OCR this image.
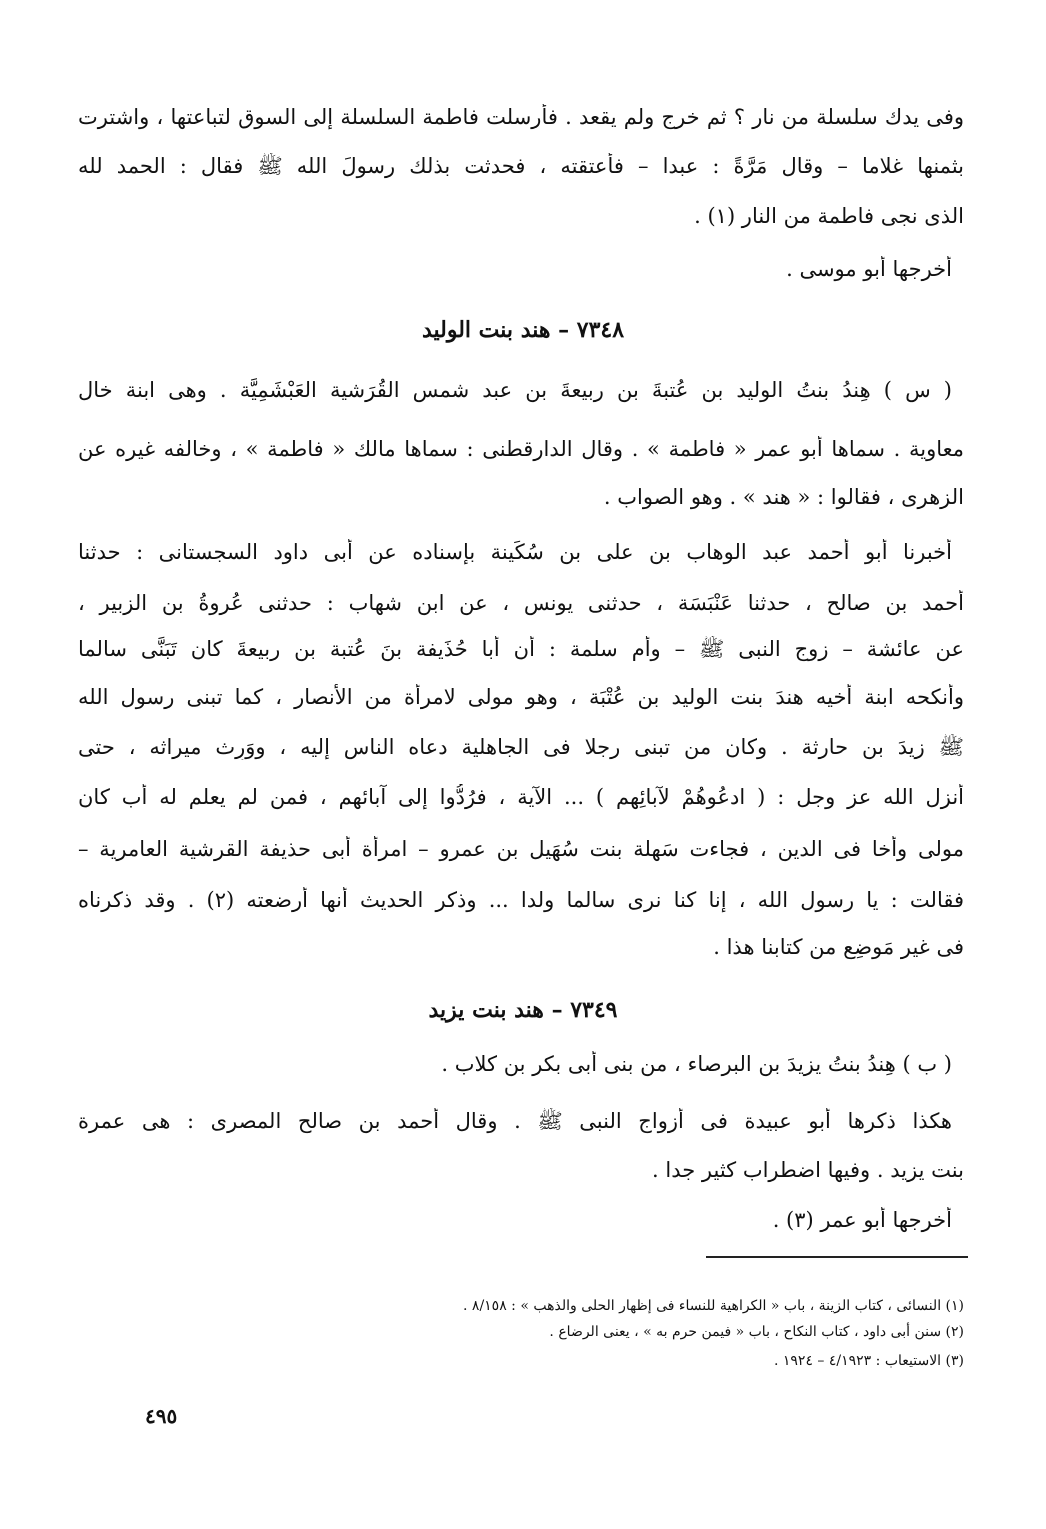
وفى يدك سلسلة من نار ؟ ثم خرج ولم يقعد . فأرسلت فاطمة السلسلة إلى السوق لتباعتها ، واشترت
بثمنها غلاما – وقال مَرَّةً : عبدا – فأعتقته ، فحدثت بذلك رسولَ الله ﷺ فقال : الحمد لله
الذى نجى فاطمة من النار (١) .
أخرجها أبو موسى .
٧٣٤٨ – هند بنت الوليد
( س ) هِندُ بنتُ الوليد بن عُتبةَ بن ربيعةَ بن عبد شمس القُرَشية العَبْشَمِيَّة . وهى ابنة خال
معاوية . سماها أبو عمر « فاطمة » . وقال الدارقطنى : سماها مالك « فاطمة » ، وخالفه غيره عن
الزهرى ، فقالوا : « هند » . وهو الصواب .
أخبرنا أبو أحمد عبد الوهاب بن على بن سُكَينة بإسناده عن أبى داود السجستانى : حدثنا
أحمد بن صالح ، حدثنا عَنْبَسَة ، حدثنى يونس ، عن ابن شهاب : حدثنى عُروةُ بن الزبير ،
عن عائشة – زوج النبى ﷺ – وأم سلمة : أن أبا حُذَيفة بنَ عُتبة بن ربيعةَ كان تَبَنَّى سالما
وأنكحه ابنة أخيه هندَ بنت الوليد بن عُتْبَة ، وهو مولى لامرأة من الأنصار ، كما تبنى رسول الله
ﷺ زيدَ بن حارثة . وكان من تبنى رجلا فى الجاهلية دعاه الناس إليه ، ووَرِث ميراثه ، حتى
أنزل الله عز وجل : ( ادعُوهُمْ لآبائِهِم ) ... الآية ، فرُدُّوا إلى آبائهم ، فمن لم يعلم له أب كان
مولى وأخا فى الدين ، فجاءت سَهلة بنت سُهَيل بن عمرو – امرأة أبى حذيفة القرشية العامرية –
فقالت : يا رسول الله ، إنا كنا نرى سالما ولدا ... وذكر الحديث أنها أرضعته (٢) . وقد ذكرناه
فى غير مَوضِعٍ من كتابنا هذا .
٧٣٤٩ – هند بنت يزيد
( ب ) هِندُ بنتُ يزيدَ بن البرصاء ، من بنى أبى بكر بن كلاب .
هكذا ذكرها أبو عبيدة فى أزواج النبى ﷺ . وقال أحمد بن صالح المصرى : هى عمرة
بنت يزيد . وفيها اضطراب كثير جدا .
أخرجها أبو عمر (٣) .
(١) النسائى ، كتاب الزينة ، باب « الكراهية للنساء فى إظهار الحلى والذهب » : ٨/١٥٨ .
(٢) سنن أبى داود ، كتاب النكاح ، باب « فيمن حرم به » ، يعنى الرضاع .
(٣) الاستيعاب : ٤/١٩٢٣ – ١٩٢٤ .
٤٩٥
